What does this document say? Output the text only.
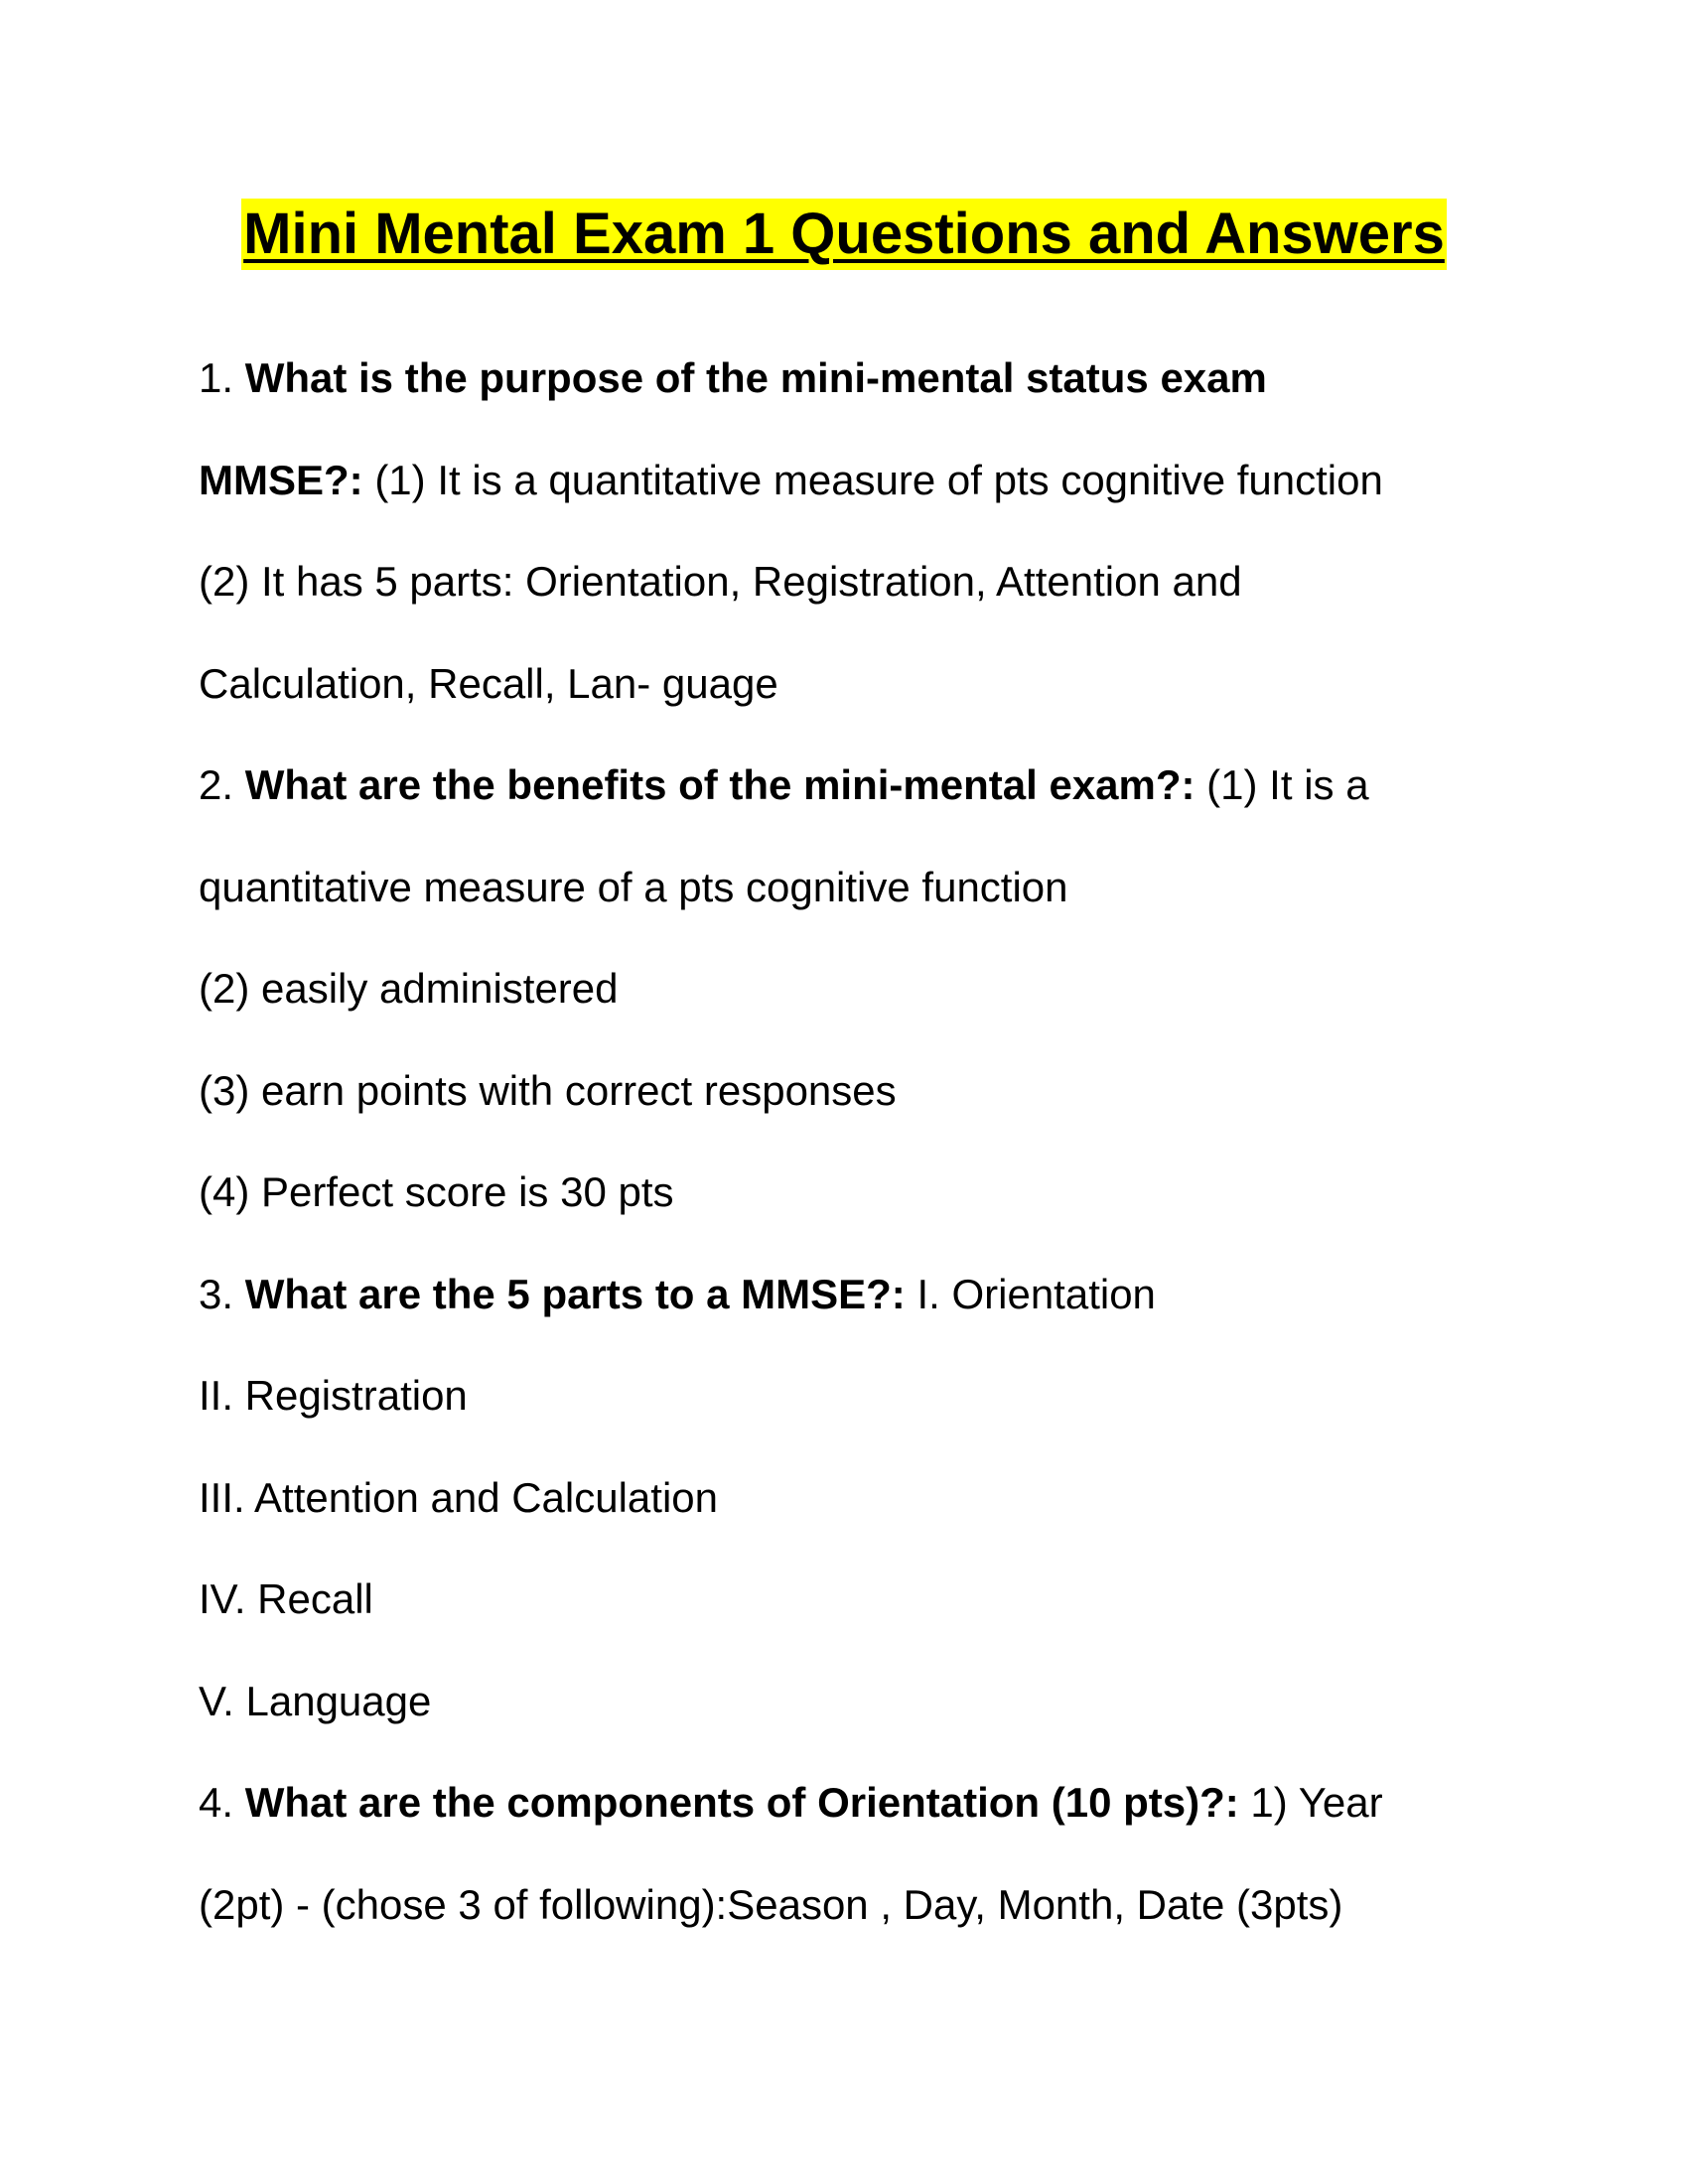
Mini Mental Exam 1 Questions and Answers
1. What is the purpose of the mini-mental status exam
MMSE?: (1) It is a quantitative measure of pts cognitive function
(2) It has 5 parts: Orientation, Registration, Attention and
Calculation, Recall, Lan- guage
2. What are the benefits of the mini-mental exam?: (1) It is a
quantitative measure of a pts cognitive function
(2) easily administered
(3) earn points with correct responses
(4) Perfect score is 30 pts
3. What are the 5 parts to a MMSE?: I. Orientation
II. Registration
III. Attention and Calculation
IV. Recall
V. Language
4. What are the components of Orientation (10 pts)?: 1) Year
(2pt) - (chose 3 of following):Season , Day, Month, Date (3pts)
